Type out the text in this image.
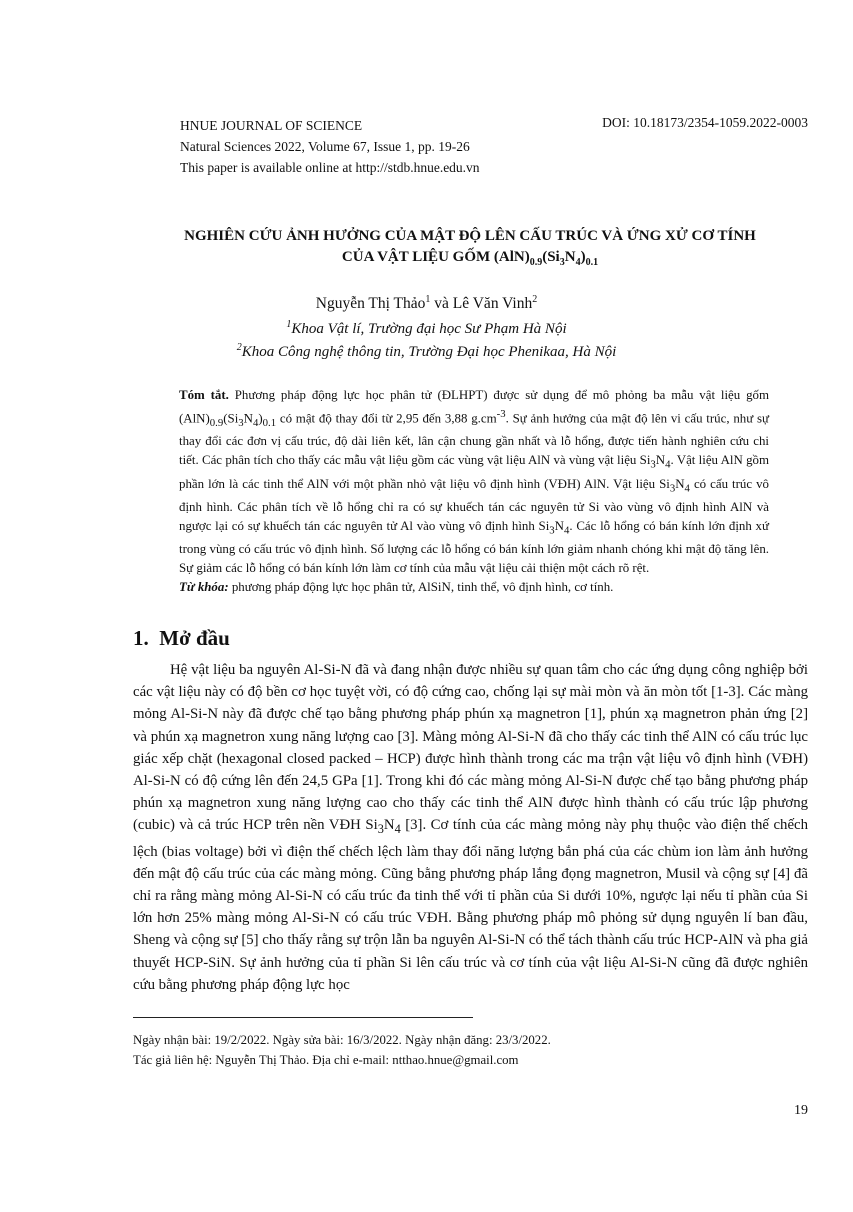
HNUE JOURNAL OF SCIENCE	DOI: 10.18173/2354-1059.2022-0003
Natural Sciences 2022, Volume 67, Issue 1, pp. 19-26
This paper is available online at http://stdb.hnue.edu.vn
NGHIÊN CỨU ẢNH HƯỞNG CỦA MẬT ĐỘ LÊN CẤU TRÚC VÀ ỨNG XỬ CƠ TÍNH
CỦA VẬT LIỆU GỐM $(AlN)_{0.9}(Si_3N_4)_{0.1}$
Nguyễn Thị Thảo$^1$ và Lê Văn Vinh$^2$
$^1$Khoa Vật lí, Trường đại học Sư Phạm Hà Nội
$^2$Khoa Công nghệ thông tin, Trường Đại học Phenikaa, Hà Nội

Tóm tắt. Phương pháp động lực học phân tử (ĐLHPT) được sử dụng để mô phỏng ba mẫu vật liệu gốm $(AlN)_{0.9}(Si_3N_4)_{0.1}$ có mật độ thay đổi từ 2,95 đến 3,88 $g.cm^{-3}$. Sự ảnh hưởng của mật độ lên vi cấu trúc, như sự thay đổi các đơn vị cấu trúc, độ dài liên kết, lân cận chung gần nhất và lỗ hổng, được tiến hành nghiên cứu chi tiết. Các phân tích cho thấy các mẫu vật liệu gồm các vùng vật liệu AlN và vùng vật liệu $Si_3N_4$. Vật liệu AlN gồm phần lớn là các tinh thể AlN với một phần nhỏ vật liệu vô định hình (VĐH) AlN. Vật liệu $Si_3N_4$ có cấu trúc vô định hình. Các phân tích về lỗ hổng chỉ ra có sự khuếch tán các nguyên tử Si vào vùng vô định hình AlN và ngược lại có sự khuếch tán các nguyên tử Al vào vùng vô định hình $Si_3N_4$. Các lỗ hổng có bán kính lớn định xứ trong vùng có cấu trúc vô định hình. Số lượng các lỗ hổng có bán kính lớn giảm nhanh chóng khi mật độ tăng lên. Sự giảm các lỗ hổng có bán kính lớn làm cơ tính của mẫu vật liệu cải thiện một cách rõ rệt.

Từ khóa: phương pháp động lực học phân tử, AlSiN, tinh thể, vô định hình, cơ tính.

1. Mở đầu

Hệ vật liệu ba nguyên Al-Si-N đã và đang nhận được nhiều sự quan tâm cho các ứng dụng công nghiệp bởi các vật liệu này có độ bền cơ học tuyệt vời, có độ cứng cao, chống lại sự mài mòn và ăn mòn tốt [1-3]. Các màng mỏng Al-Si-N này đã được chế tạo bằng phương pháp phún xạ magnetron [1], phún xạ magnetron phản ứng [2] và phún xạ magnetron xung năng lượng cao [3]. Màng mỏng Al-Si-N đã cho thấy các tinh thể AlN có cấu trúc lục giác xếp chặt (hexagonal closed packed – HCP) được hình thành trong các ma trận vật liệu vô định hình (VĐH) Al-Si-N có độ cứng lên đến 24,5 GPa [1]. Trong khi đó các màng mỏng Al-Si-N được chế tạo bằng phương pháp phún xạ magnetron xung năng lượng cao cho thấy các tinh thể AlN được hình thành có cấu trúc lập phương (cubic) và cả trúc HCP trên nền VĐH $Si_3N_4$ [3]. Cơ tính của các màng mỏng này phụ thuộc vào điện thế chếch lệch (bias voltage) bởi vì điện thế chếch lệch làm thay đổi năng lượng bắn phá của các chùm ion làm ảnh hưởng đến mật độ cấu trúc của các màng mỏng. Cũng bằng phương pháp lắng đọng magnetron, Musil và cộng sự [4] đã chỉ ra rằng màng mỏng Al-Si-N có cấu trúc đa tinh thể với tỉ phần của Si dưới 10%, ngược lại nếu tỉ phần của Si lớn hơn 25% màng mỏng Al-Si-N có cấu trúc VĐH. Bằng phương pháp mô phỏng sử dụng nguyên lí ban đầu, Sheng và cộng sự [5] cho thấy rằng sự trộn lẫn ba nguyên Al-Si-N có thể tách thành cấu trúc HCP-AlN và pha giả thuyết HCP-SiN. Sự ảnh hưởng của tỉ phần Si lên cấu trúc và cơ tính của vật liệu Al-Si-N cũng đã được nghiên cứu bằng phương pháp động lực học

Ngày nhận bài: 19/2/2022. Ngày sửa bài: 16/3/2022. Ngày nhận đăng: 23/3/2022.
Tác giả liên hệ: Nguyễn Thị Thảo. Địa chỉ e-mail: ntthao.hnue@gmail.com
19
